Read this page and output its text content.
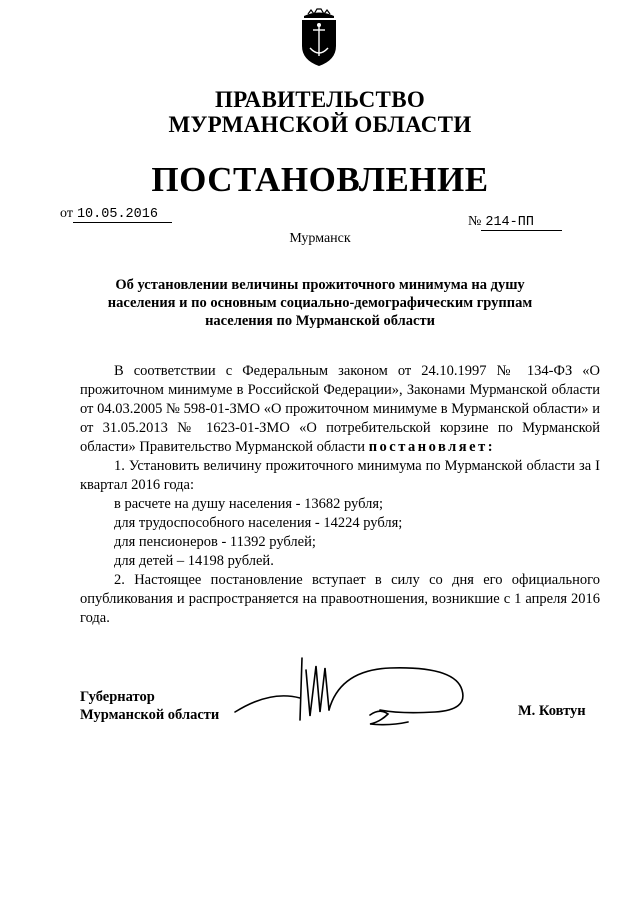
ПРАВИТЕЛЬСТВО
МУРМАНСКОЙ ОБЛАСТИ
ПОСТАНОВЛЕНИЕ
от 10.05.2016	№ 214-ПП
Мурманск
Об установлении величины прожиточного минимума на душу населения и по основным социально-демографическим группам населения по Мурманской области

В соответствии с Федеральным законом от 24.10.1997 № 134-ФЗ «О прожиточном минимуме в Российской Федерации», Законами Мурманской области от 04.03.2005 № 598-01-ЗМО «О прожиточном минимуме в Мурманской области» и от 31.05.2013 № 1623-01-ЗМО «О потребительской корзине по Мурманской области» Правительство Мурманской области постановляет:

1. Установить величину прожиточного минимума по Мурманской области за I квартал 2016 года:

в расчете на душу населения - 13682 рубля;

для трудоспособного населения - 14224 рубля;

для пенсионеров - 11392 рублей;

для детей – 14198 рублей.

2. Настоящее постановление вступает в силу со дня его официального опубликования и распространяется на правоотношения, возникшие с 1 апреля 2016 года.

Губернатор
Мурманской области	М. Ковтун
